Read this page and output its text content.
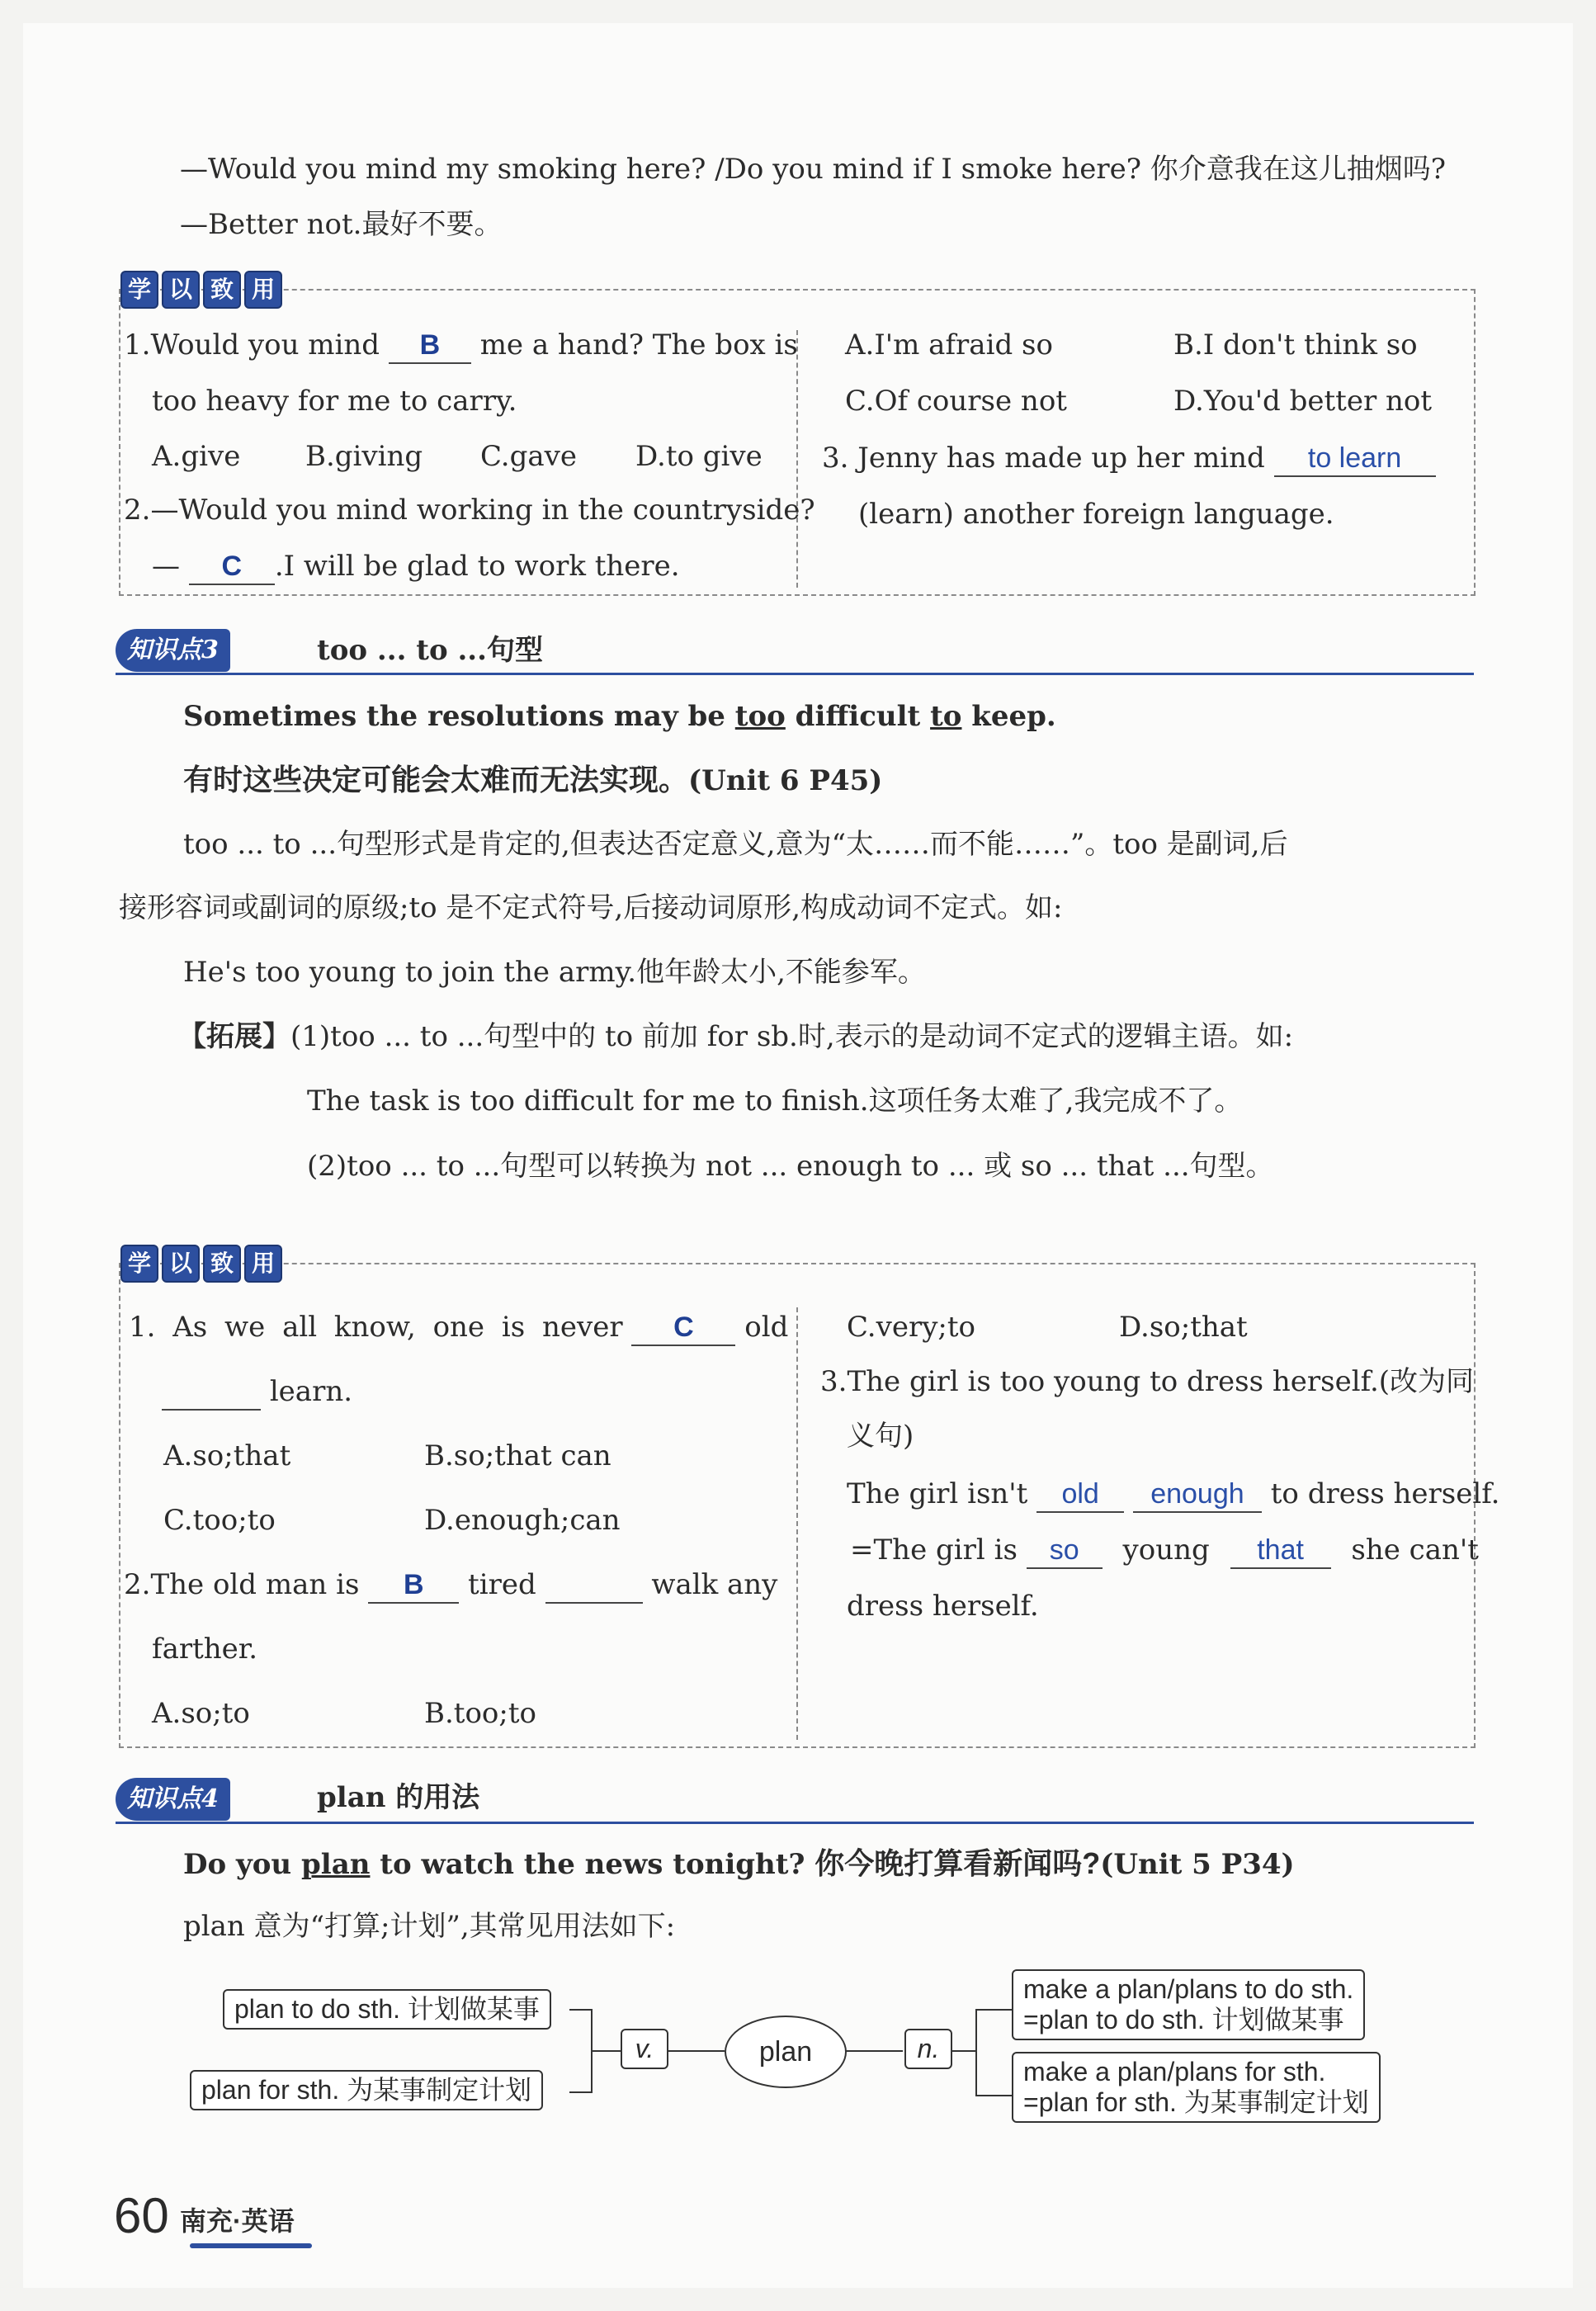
—Would you mind my smoking here? /Do you mind if I smoke here? 你介意我在这儿抽烟吗?
—Better not.最好不要。
学 以 致 用
1.Would you mind B me a hand? The box is
too heavy for me to carry.
A.give B.giving C.gave D.to give
2.—Would you mind working in the countryside?
— C .I will be glad to work there.
A.I'm afraid so	B.I don't think so
C.Of course not	D.You'd better not
3. Jenny has made up her mind to learn
(learn) another foreign language.
知识点3	too ... to ...句型
Sometimes the resolutions may be too difficult to keep.
有时这些决定可能会太难而无法实现。(Unit 6 P45)
too ... to ...句型形式是肯定的,但表达否定意义,意为“太……而不能……”。too 是副词,后
接形容词或副词的原级;to 是不定式符号,后接动词原形,构成动词不定式。如:
He's too young to join the army.他年龄太小,不能参军。
【拓展】(1)too ... to ...句型中的 to 前加 for sb.时,表示的是动词不定式的逻辑主语。如:
The task is too difficult for me to finish.这项任务太难了,我完成不了。
(2)too ... to ...句型可以转换为 not ... enough to ... 或 so ... that ...句型。
学 以 致 用
1. As we all know, one is never C old
learn.
A.so;that	B.so;that can
C.too;to	D.enough;can
2.The old man is B tired	walk any
farther.
A.so;to	B.too;to
C.very;to	D.so;that
3.The girl is too young to dress herself.(改为同
义句)
The girl isn't old enough to dress herself.
=The girl is so young that she can't
dress herself.
知识点4	plan 的用法
Do you plan to watch the news tonight? 你今晚打算看新闻吗?(Unit 5 P34)
plan 意为“打算;计划”,其常见用法如下:
plan to do sth. 计划做某事
plan for sth. 为某事制定计划
v.	plan	n.
make a plan/plans to do sth.
=plan to do sth. 计划做某事
make a plan/plans for sth.
=plan for sth. 为某事制定计划
60 南充·英语
